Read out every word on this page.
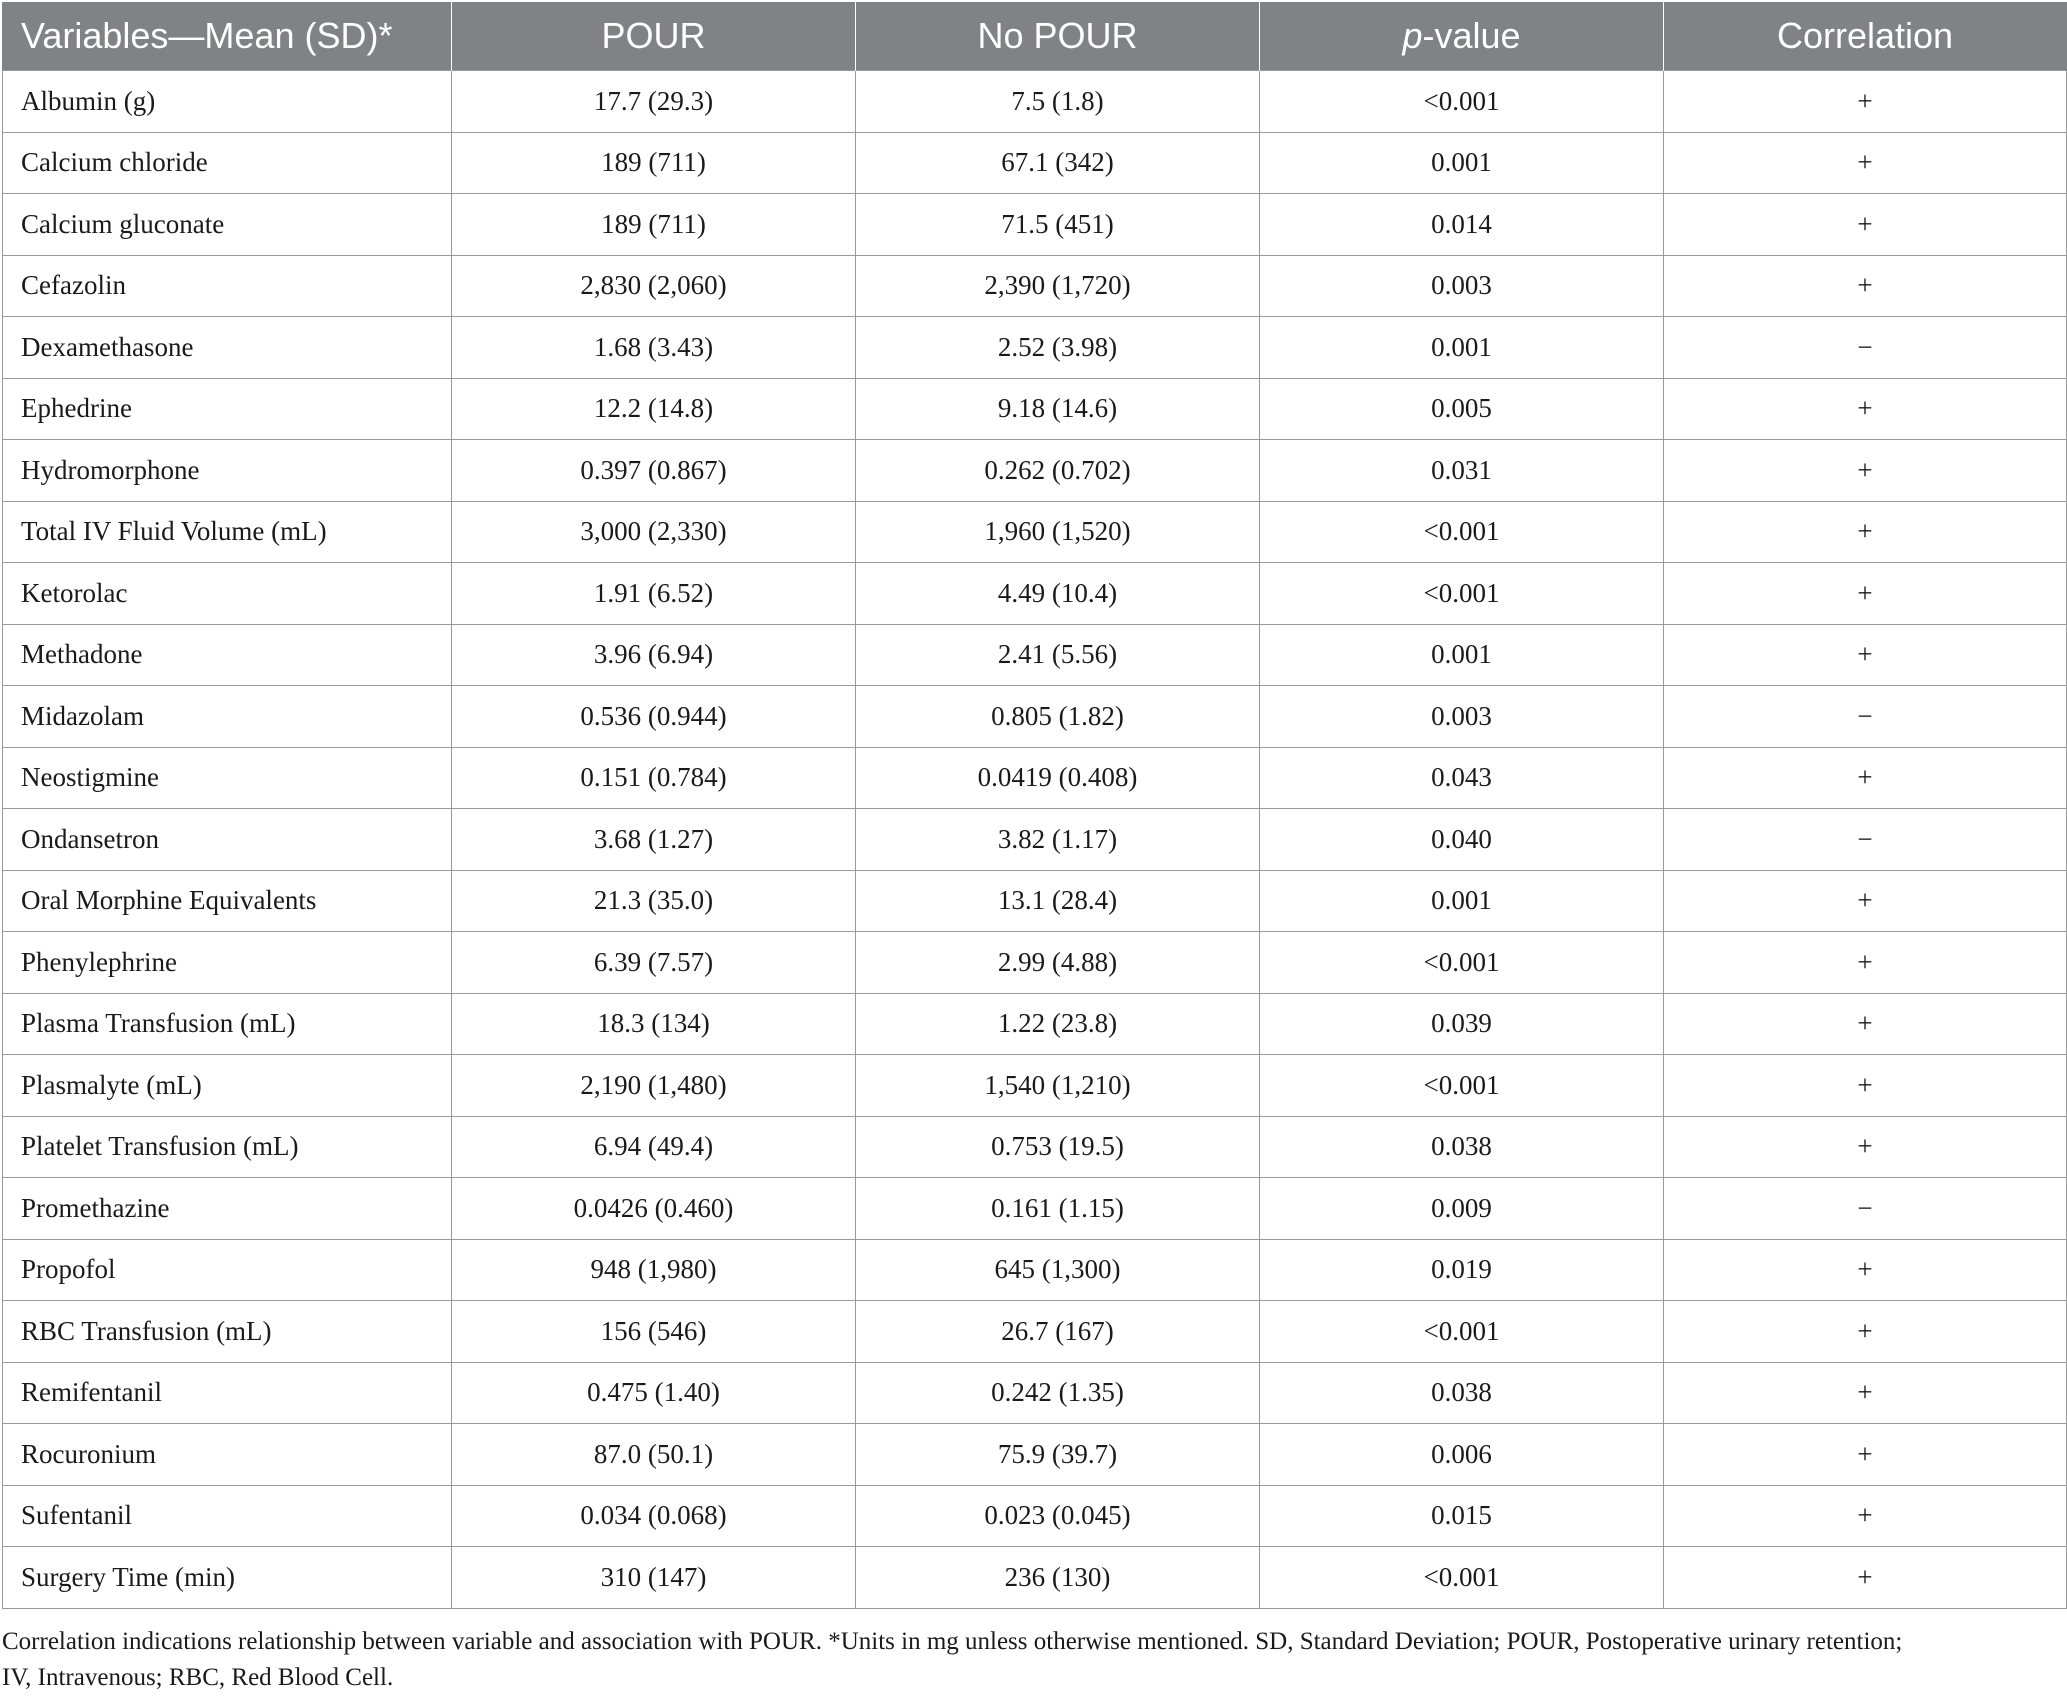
Variables—Mean (SD)*	POUR	No POUR	p-value	Correlation
Albumin (g)	17.7 (29.3)	7.5 (1.8)	<0.001	+
Calcium chloride	189 (711)	67.1 (342)	0.001	+
Calcium gluconate	189 (711)	71.5 (451)	0.014	+
Cefazolin	2,830 (2,060)	2,390 (1,720)	0.003	+
Dexamethasone	1.68 (3.43)	2.52 (3.98)	0.001	−
Ephedrine	12.2 (14.8)	9.18 (14.6)	0.005	+
Hydromorphone	0.397 (0.867)	0.262 (0.702)	0.031	+
Total IV Fluid Volume (mL)	3,000 (2,330)	1,960 (1,520)	<0.001	+
Ketorolac	1.91 (6.52)	4.49 (10.4)	<0.001	+
Methadone	3.96 (6.94)	2.41 (5.56)	0.001	+
Midazolam	0.536 (0.944)	0.805 (1.82)	0.003	−
Neostigmine	0.151 (0.784)	0.0419 (0.408)	0.043	+
Ondansetron	3.68 (1.27)	3.82 (1.17)	0.040	−
Oral Morphine Equivalents	21.3 (35.0)	13.1 (28.4)	0.001	+
Phenylephrine	6.39 (7.57)	2.99 (4.88)	<0.001	+
Plasma Transfusion (mL)	18.3 (134)	1.22 (23.8)	0.039	+
Plasmalyte (mL)	2,190 (1,480)	1,540 (1,210)	<0.001	+
Platelet Transfusion (mL)	6.94 (49.4)	0.753 (19.5)	0.038	+
Promethazine	0.0426 (0.460)	0.161 (1.15)	0.009	−
Propofol	948 (1,980)	645 (1,300)	0.019	+
RBC Transfusion (mL)	156 (546)	26.7 (167)	<0.001	+
Remifentanil	0.475 (1.40)	0.242 (1.35)	0.038	+
Rocuronium	87.0 (50.1)	75.9 (39.7)	0.006	+
Sufentanil	0.034 (0.068)	0.023 (0.045)	0.015	+
Surgery Time (min)	310 (147)	236 (130)	<0.001	+

Correlation indications relationship between variable and association with POUR. *Units in mg unless otherwise mentioned. SD, Standard Deviation; POUR, Postoperative urinary retention;
IV, Intravenous; RBC, Red Blood Cell.
